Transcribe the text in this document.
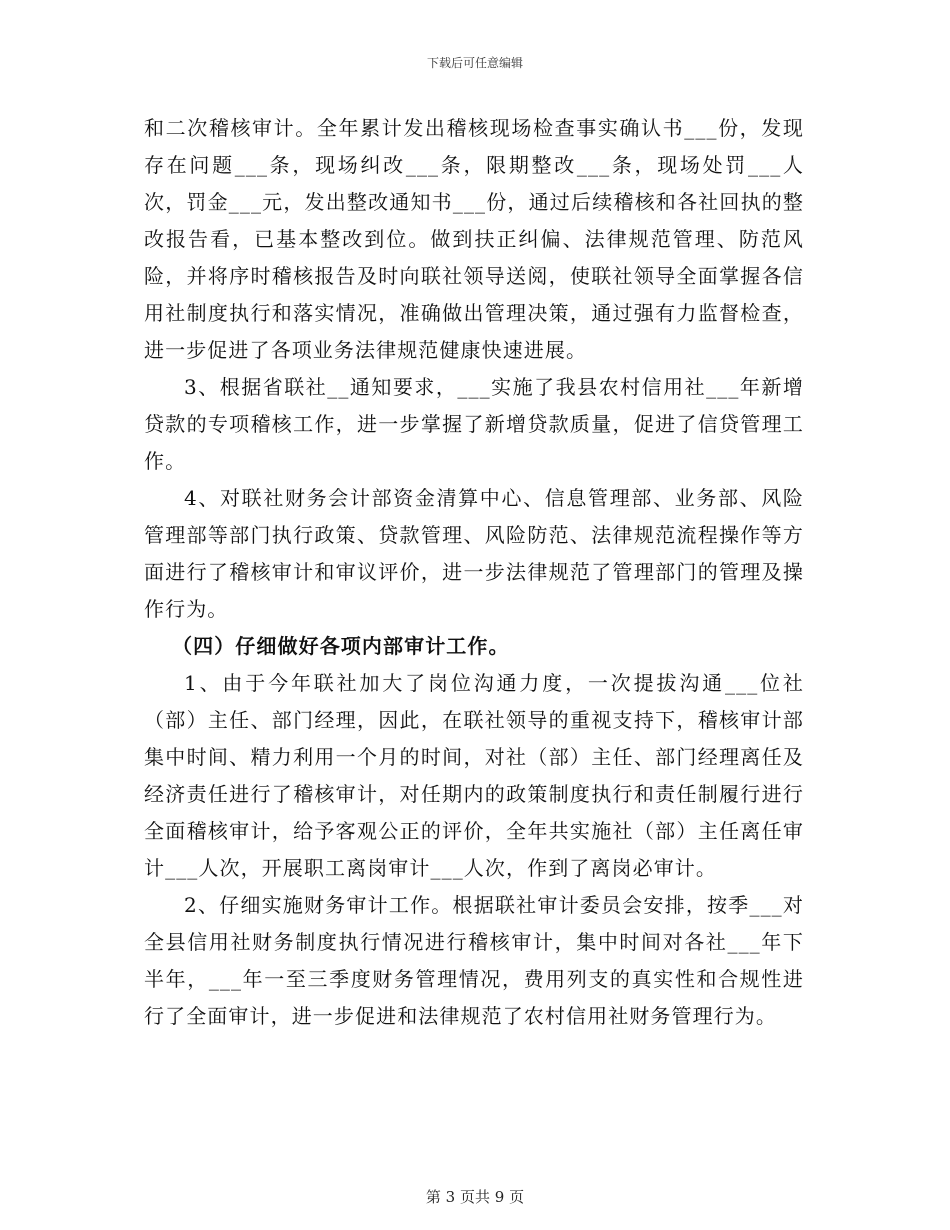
下载后可任意编辑

和二次稽核审计。全年累计发出稽核现场检查事实确认书___份，发现存在问题___条，现场纠改___条，限期整改___条，现场处罚___人次，罚金___元，发出整改通知书___份，通过后续稽核和各社回执的整改报告看，已基本整改到位。做到扶正纠偏、法律规范管理、防范风险，并将序时稽核报告及时向联社领导送阅，使联社领导全面掌握各信用社制度执行和落实情况，准确做出管理决策，通过强有力监督检查，进一步促进了各项业务法律规范健康快速进展。

3、根据省联社__通知要求，___实施了我县农村信用社___年新增贷款的专项稽核工作，进一步掌握了新增贷款质量，促进了信贷管理工作。

4、对联社财务会计部资金清算中心、信息管理部、业务部、风险管理部等部门执行政策、贷款管理、风险防范、法律规范流程操作等方面进行了稽核审计和审议评价，进一步法律规范了管理部门的管理及操作行为。

（四）仔细做好各项内部审计工作。

1、由于今年联社加大了岗位沟通力度，一次提拔沟通___位社（部）主任、部门经理，因此，在联社领导的重视支持下，稽核审计部集中时间、精力利用一个月的时间，对社（部）主任、部门经理离任及经济责任进行了稽核审计，对任期内的政策制度执行和责任制履行进行全面稽核审计，给予客观公正的评价，全年共实施社（部）主任离任审计___人次，开展职工离岗审计___人次，作到了离岗必审计。

2、仔细实施财务审计工作。根据联社审计委员会安排，按季___对全县信用社财务制度执行情况进行稽核审计，集中时间对各社___年下半年，___年一至三季度财务管理情况，费用列支的真实性和合规性进行了全面审计，进一步促进和法律规范了农村信用社财务管理行为。

第 3 页共 9 页
